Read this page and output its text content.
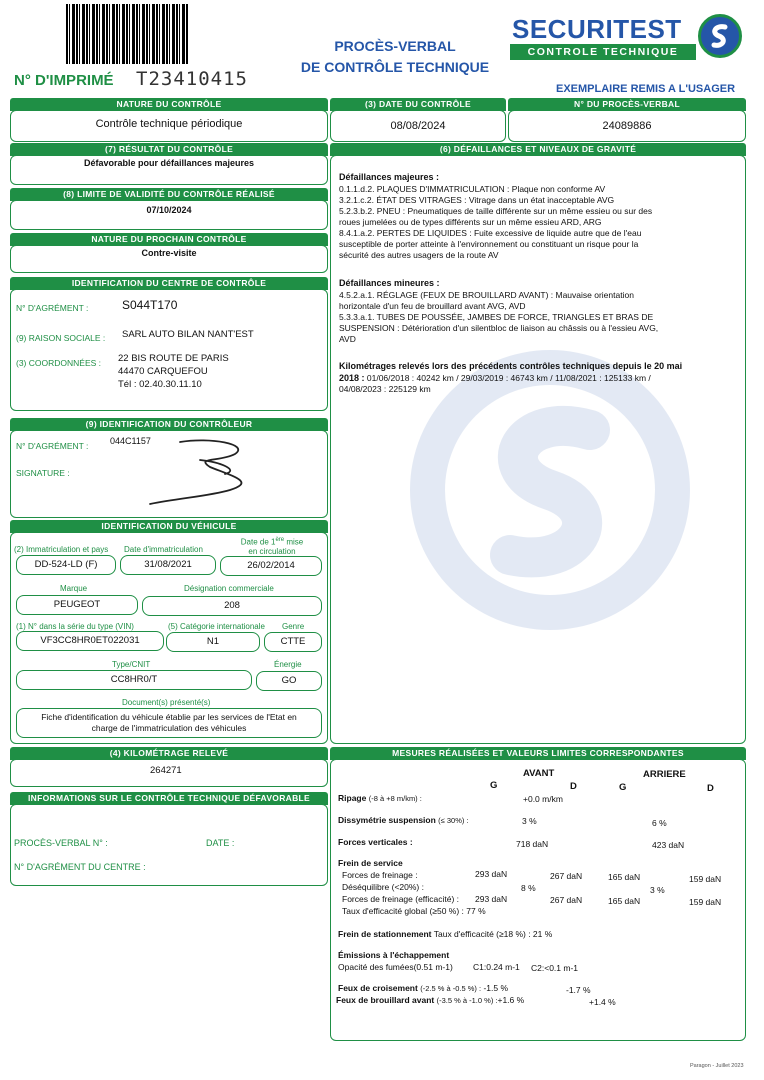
N° D'IMPRIMÉ T23410415
PROCÈS-VERBAL
DE CONTRÔLE TECHNIQUE
SECURITEST
CONTROLE TECHNIQUE
EXEMPLAIRE REMIS A L'USAGER
NATURE DU CONTRÔLE
Contrôle technique périodique
(3) DATE DU CONTRÔLE
08/08/2024
N° DU PROCÈS-VERBAL
24089886
(7) RÉSULTAT DU CONTRÔLE
Défavorable pour défaillances majeures
(8) LIMITE DE VALIDITÉ DU CONTRÔLE RÉALISÉ
07/10/2024
NATURE DU PROCHAIN CONTRÔLE
Contre-visite
IDENTIFICATION DU CENTRE DE CONTRÔLE
N° D'AGRÉMENT :	S044T170
(9) RAISON SOCIALE : SARL AUTO BILAN NANT'EST
(3) COORDONNÉES : 22 BIS ROUTE DE PARIS
44470 CARQUEFOU
Tél : 02.40.30.11.10
(9) IDENTIFICATION DU CONTRÔLEUR
N° D'AGRÉMENT : 044C1157
SIGNATURE :
IDENTIFICATION DU VÉHICULE
(2) Immatriculation et pays
DD-524-LD (F)
Date d'immatriculation
31/08/2021
Date de 1ère mise
en circulation
26/02/2014
Marque
PEUGEOT
Désignation commerciale
208
(1) N° dans la série du type (VIN)
VF3CC8HR0ET022031
(5) Catégorie internationale
N1
Genre
CTTE
Type/CNIT
CC8HR0/T
Énergie
GO
Document(s) présenté(s)
Fiche d'identification du véhicule établie par les services de l'Etat en
charge de l'immatriculation des véhicules
(4) KILOMÉTRAGE RELEVÉ
264271
INFORMATIONS SUR LE CONTRÔLE TECHNIQUE DÉFAVORABLE
PROCÈS-VERBAL N° :	DATE :
N° D'AGRÉMENT DU CENTRE :
(6) DÉFAILLANCES ET NIVEAUX DE GRAVITÉ
Défaillances majeures :
0.1.1.d.2. PLAQUES D'IMMATRICULATION : Plaque non conforme AV
3.2.1.c.2. ÉTAT DES VITRAGES : Vitrage dans un état inacceptable AVG
5.2.3.b.2. PNEU : Pneumatiques de taille différente sur un même essieu ou sur des
roues jumelées ou de types différents sur un même essieu ARD, ARG
8.4.1.a.2. PERTES DE LIQUIDES : Fuite excessive de liquide autre que de l'eau
susceptible de porter atteinte à l'environnement ou constituant un risque pour la
sécurité des autres usagers de la route AV
Défaillances mineures :
4.5.2.a.1. RÉGLAGE (FEUX DE BROUILLARD AVANT) : Mauvaise orientation
horizontale d'un feu de brouillard avant AVG, AVD
5.3.3.a.1. TUBES DE POUSSÉE, JAMBES DE FORCE, TRIANGLES ET BRAS DE
SUSPENSION : Détérioration d'un silentbloc de liaison au châssis ou à l'essieu AVG,
AVD
Kilométrages relevés lors des précédents contrôles techniques depuis le 20 mai
2018 : 01/06/2018 : 40242 km / 29/03/2019 : 46743 km / 11/08/2021 : 125133 km /
04/08/2023 : 225129 km
MESURES RÉALISÉES ET VALEURS LIMITES CORRESPONDANTES
AVANT	ARRIERE
G	D	G	D
Ripage (-8 à +8 m/km) :	+0.0 m/km
Dissymétrie suspension (≤ 30%) :	3 %	6 %
Forces verticales :	718 daN	423 daN
Frein de service
Forces de freinage :	293 daN	267 daN	165 daN	159 daN
Déséquilibre (<20%) :	8 %	3 %
Forces de freinage (efficacité) : 293 daN	267 daN	165 daN	159 daN
Taux d'efficacité global (≥50 %) : 77 %
Frein de stationnement Taux d'efficacité (≥18 %) : 21 %
Émissions à l'échappement
Opacité des fumées(0.51 m-1) C1:0.24 m-1 C2:<0.1 m-1
Feux de croisement (-2.5 % à -0.5 %) : -1.5 %	-1.7 %
Feux de brouillard avant (-3.5 % à -1.0 %) :+1.6 %	+1.4 %
Paragon - Juillet 2023
